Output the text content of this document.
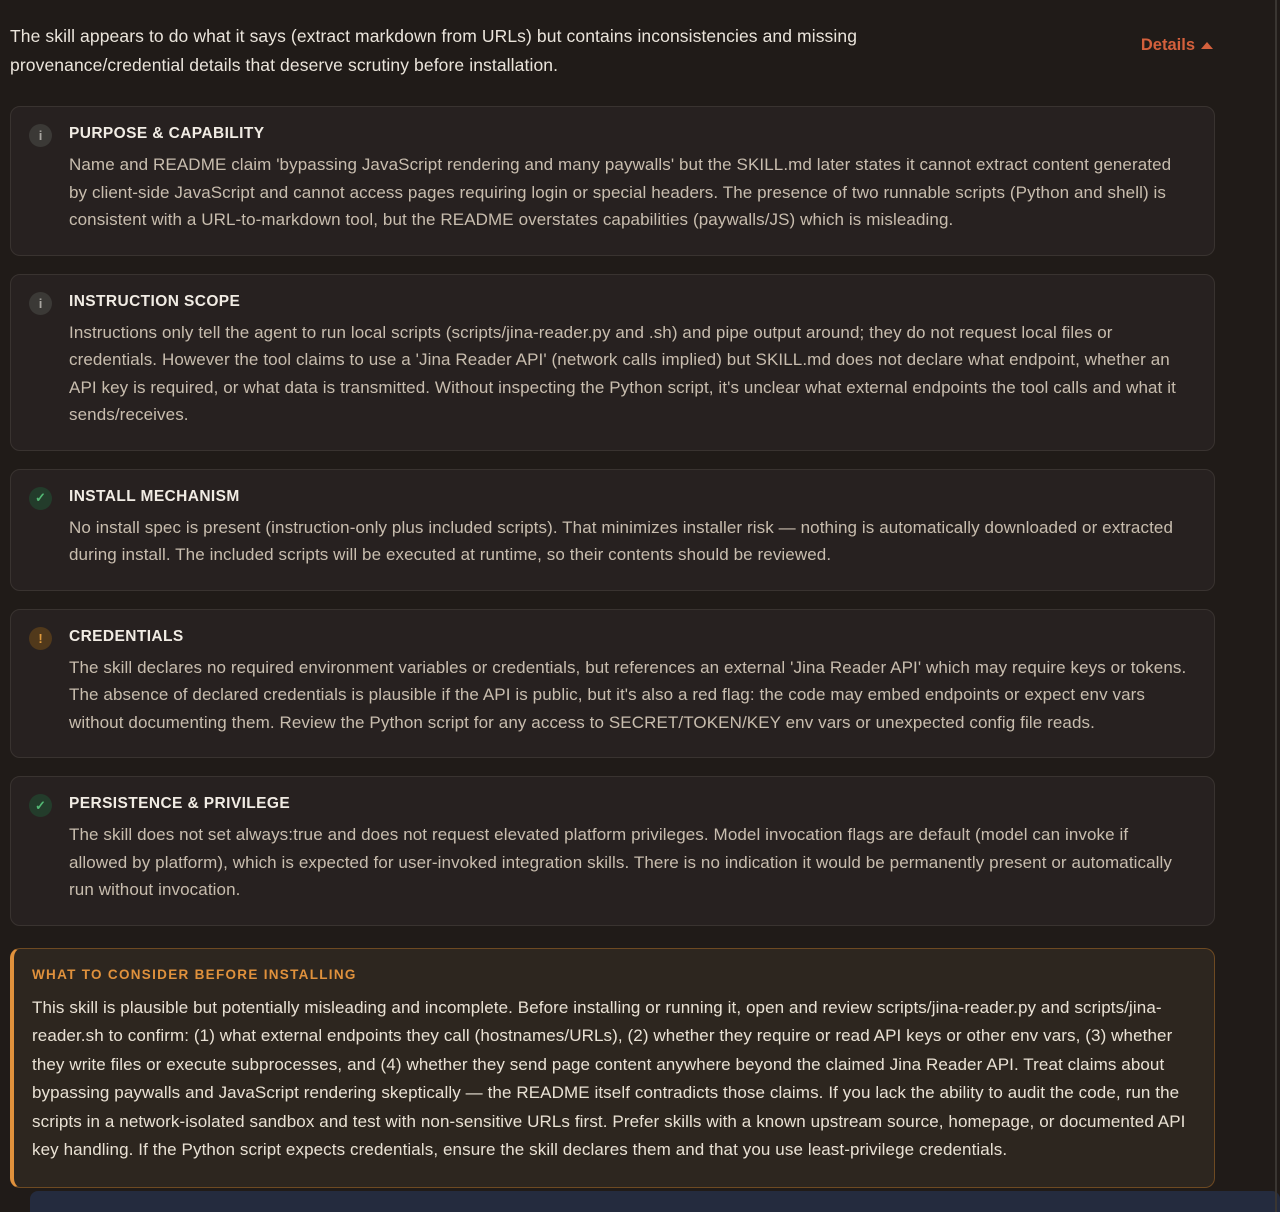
The skill appears to do what it says (extract markdown from URLs) but contains inconsistencies and missing provenance/credential details that deserve scrutiny before installation.
Details
i	PURPOSE & CAPABILITY
Name and README claim 'bypassing JavaScript rendering and many paywalls' but the SKILL.md later states it cannot extract content generated by client-side JavaScript and cannot access pages requiring login or special headers. The presence of two runnable scripts (Python and shell) is consistent with a URL-to-markdown tool, but the README overstates capabilities (paywalls/JS) which is misleading.
i	INSTRUCTION SCOPE
Instructions only tell the agent to run local scripts (scripts/jina-reader.py and .sh) and pipe output around; they do not request local files or credentials. However the tool claims to use a 'Jina Reader API' (network calls implied) but SKILL.md does not declare what endpoint, whether an API key is required, or what data is transmitted. Without inspecting the Python script, it's unclear what external endpoints the tool calls and what it sends/receives.
✓	INSTALL MECHANISM
No install spec is present (instruction-only plus included scripts). That minimizes installer risk — nothing is automatically downloaded or extracted during install. The included scripts will be executed at runtime, so their contents should be reviewed.
!	CREDENTIALS
The skill declares no required environment variables or credentials, but references an external 'Jina Reader API' which may require keys or tokens. The absence of declared credentials is plausible if the API is public, but it's also a red flag: the code may embed endpoints or expect env vars without documenting them. Review the Python script for any access to SECRET/TOKEN/KEY env vars or unexpected config file reads.
✓	PERSISTENCE & PRIVILEGE
The skill does not set always:true and does not request elevated platform privileges. Model invocation flags are default (model can invoke if allowed by platform), which is expected for user-invoked integration skills. There is no indication it would be permanently present or automatically run without invocation.
WHAT TO CONSIDER BEFORE INSTALLING
This skill is plausible but potentially misleading and incomplete. Before installing or running it, open and review scripts/jina-reader.py and scripts/jina-reader.sh to confirm: (1) what external endpoints they call (hostnames/URLs), (2) whether they require or read API keys or other env vars, (3) whether they write files or execute subprocesses, and (4) whether they send page content anywhere beyond the claimed Jina Reader API. Treat claims about bypassing paywalls and JavaScript rendering skeptically — the README itself contradicts those claims. If you lack the ability to audit the code, run the scripts in a network-isolated sandbox and test with non-sensitive URLs first. Prefer skills with a known upstream source, homepage, or documented API key handling. If the Python script expects credentials, ensure the skill declares them and that you use least-privilege credentials.
